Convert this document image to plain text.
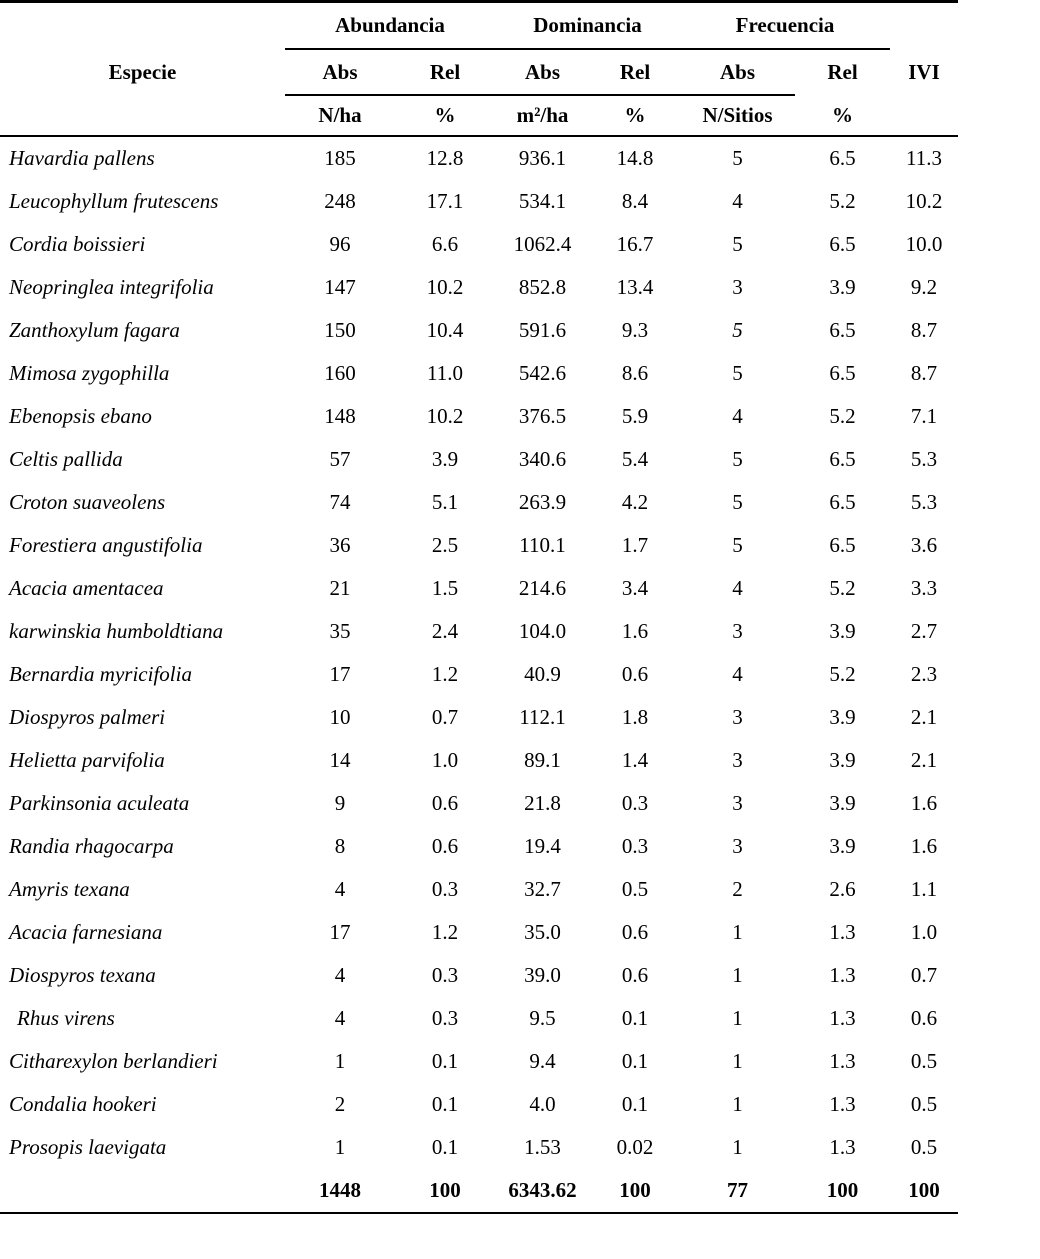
	Abundancia		Dominancia		Frecuencia		
Especie	Abs	Rel	Abs	Rel	Abs	Rel	IVI
	N/ha	%	m²/ha	%	N/Sitios	%	
Havardia pallens	185	12.8	936.1	14.8	5	6.5	11.3
Leucophyllum frutescens	248	17.1	534.1	8.4	4	5.2	10.2
Cordia boissieri	96	6.6	1062.4	16.7	5	6.5	10.0
Neopringlea integrifolia	147	10.2	852.8	13.4	3	3.9	9.2
Zanthoxylum fagara	150	10.4	591.6	9.3	5	6.5	8.7
Mimosa zygophilla	160	11.0	542.6	8.6	5	6.5	8.7
Ebenopsis ebano	148	10.2	376.5	5.9	4	5.2	7.1
Celtis pallida	57	3.9	340.6	5.4	5	6.5	5.3
Croton suaveolens	74	5.1	263.9	4.2	5	6.5	5.3
Forestiera angustifolia	36	2.5	110.1	1.7	5	6.5	3.6
Acacia amentacea	21	1.5	214.6	3.4	4	5.2	3.3
karwinskia humboldtiana	35	2.4	104.0	1.6	3	3.9	2.7
Bernardia myricifolia	17	1.2	40.9	0.6	4	5.2	2.3
Diospyros palmeri	10	0.7	112.1	1.8	3	3.9	2.1
Helietta parvifolia	14	1.0	89.1	1.4	3	3.9	2.1
Parkinsonia aculeata	9	0.6	21.8	0.3	3	3.9	1.6
Randia rhagocarpa	8	0.6	19.4	0.3	3	3.9	1.6
Amyris texana	4	0.3	32.7	0.5	2	2.6	1.1
Acacia farnesiana	17	1.2	35.0	0.6	1	1.3	1.0
Diospyros texana	4	0.3	39.0	0.6	1	1.3	0.7
Rhus virens	4	0.3	9.5	0.1	1	1.3	0.6
Citharexylon berlandieri	1	0.1	9.4	0.1	1	1.3	0.5
Condalia hookeri	2	0.1	4.0	0.1	1	1.3	0.5
Prosopis laevigata	1	0.1	1.53	0.02	1	1.3	0.5
	1448	100	6343.62	100	77	100	100
